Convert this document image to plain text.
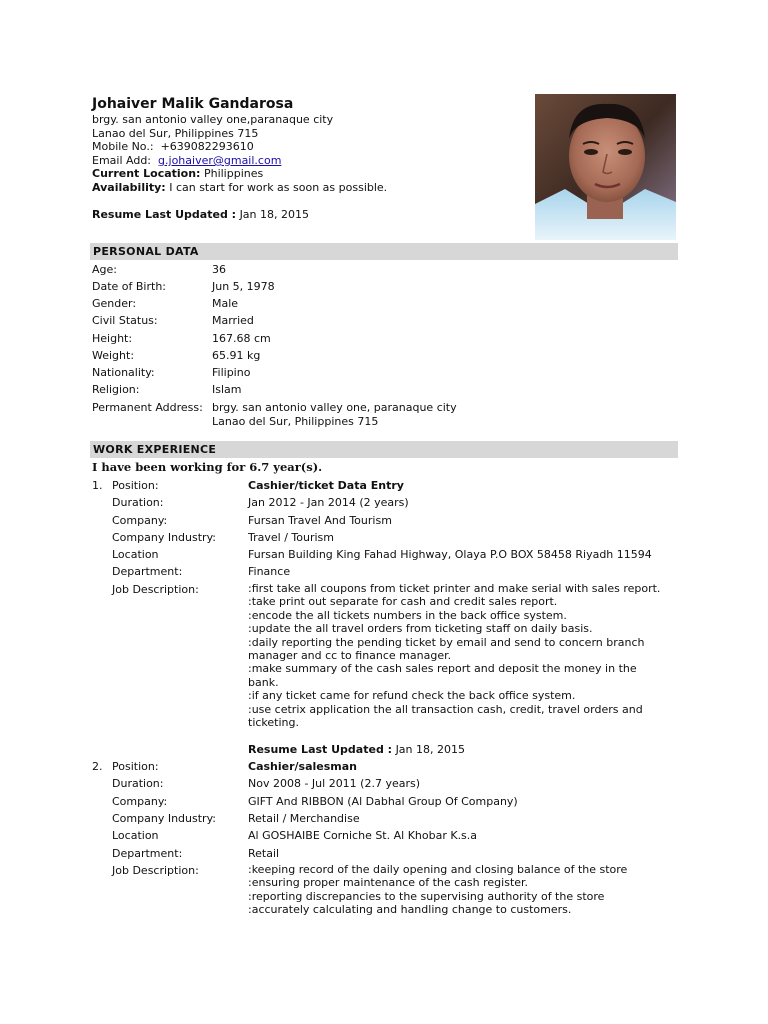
Johaiver Malik Gandarosa
brgy. san antonio valley one,paranaque city
Lanao del Sur, Philippines 715
Mobile No.: +639082293610
Email Add: g.johaiver@gmail.com
Current Location: Philippines
Availability: I can start for work as soon as possible.
Resume Last Updated : Jan 18, 2015
PERSONAL DATA
Age:	36
Date of Birth:	Jun 5, 1978
Gender:	Male
Civil Status:	Married
Height:	167.68 cm
Weight:	65.91 kg
Nationality:	Filipino
Religion:	Islam
Permanent Address: brgy. san antonio valley one, paranaque city
Lanao del Sur, Philippines 715
WORK EXPERIENCE
I have been working for 6.7 year(s).
1. Position:	Cashier/ticket Data Entry
Duration:	Jan 2012 - Jan 2014 (2 years)
Company:	Fursan Travel And Tourism
Company Industry:	Travel / Tourism
Location	Fursan Building King Fahad Highway, Olaya P.O BOX 58458 Riyadh 11594
Department:	Finance
Job Description:	:first take all coupons from ticket printer and make serial with sales report.
:take print out separate for cash and credit sales report.
:encode the all tickets numbers in the back office system.
:update the all travel orders from ticketing staff on daily basis.
:daily reporting the pending ticket by email and send to concern branch manager and cc to finance manager.
:make summary of the cash sales report and deposit the money in the bank.
:if any ticket came for refund check the back office system.
:use cetrix application the all transaction cash, credit, travel orders and ticketing.
Resume Last Updated : Jan 18, 2015
2. Position:	Cashier/salesman
Duration:	Nov 2008 - Jul 2011 (2.7 years)
Company:	GIFT And RIBBON (Al Dabhal Group Of Company)
Company Industry:	Retail / Merchandise
Location	Al GOSHAIBE Corniche St. Al Khobar K.s.a
Department:	Retail
Job Description:	:keeping record of the daily opening and closing balance of the store
:ensuring proper maintenance of the cash register.
:reporting discrepancies to the supervising authority of the store
:accurately calculating and handling change to customers.
